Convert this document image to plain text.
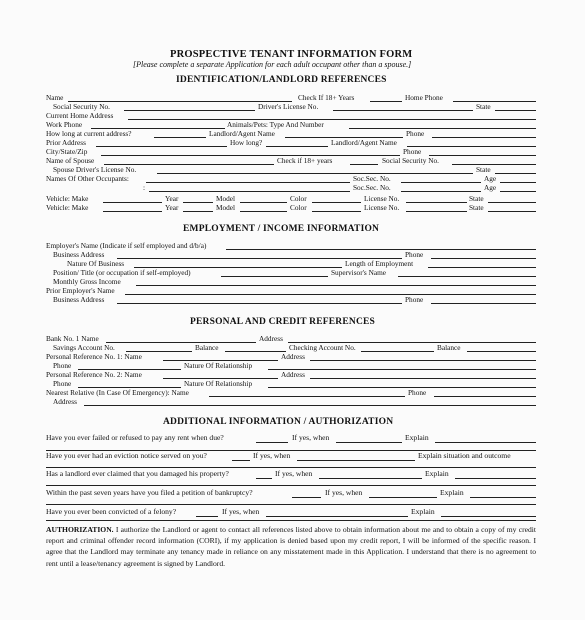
PROSPECTIVE TENANT INFORMATION FORM
[Please complete a separate Application for each adult occupant other than a spouse.]
IDENTIFICATION/LANDLORD REFERENCES
Name	Check If 18+ Years	Home Phone
Social Security No.	Driver's License No.	State
Current Home Address
Work Phone	Animals/Pets: Type And Number
How long at current address?	Landlord/Agent Name	Phone
Prior Address	How long?	Landlord/Agent Name
City/State/Zip	Phone
Name of Spouse	Check if 18+ years	Social Security No.
Spouse Driver's License No.	State
Names Of Other Occupants:	Soc.Sec. No.	Age
:	Soc.Sec. No.	Age
Vehicle: Make	Year	Model	Color	License No.	State
Vehicle: Make	Year	Model	Color	License No.	State
EMPLOYMENT / INCOME INFORMATION
Employer's Name (Indicate if self employed and d/b/a)
Business Address	Phone
Nature Of Business	Length of Employment
Position/ Title (or occupation if self-employed)	Supervisor's Name
Monthly Gross Income
Prior Employer's Name
Business Address	Phone
PERSONAL AND CREDIT REFERENCES
Bank No. 1 Name	Address
Savings Account No.	Balance	Checking Account No.	Balance
Personal Reference No. 1: Name	Address
Phone	Nature Of Relationship
Personal Reference No. 2: Name	Address
Phone	Nature Of Relationship
Nearest Relative (In Case Of Emergency): Name	Phone
Address
ADDITIONAL INFORMATION / AUTHORIZATION
Have you ever failed or refused to pay any rent when due?	If yes, when	Explain
Have you ever had an eviction notice served on you?	If yes, when	Explain situation and outcome
Has a landlord ever claimed that you damaged his property?	If yes, when	Explain
Within the past seven years have you filed a petition of bankruptcy?	If yes, when	Explain
Have you ever been convicted of a felony?	If yes, when	Explain
AUTHORIZATION. I authorize the Landlord or agent to contact all references listed above to obtain information about me and to obtain a copy of my credit report and criminal offender record information (CORI), if my application is denied based upon my credit report, I will be informed of the specific reason. I agree that the Landlord may terminate any tenancy made in reliance on any misstatement made in this Application. I understand that there is no agreement to rent until a lease/tenancy agreement is signed by Landlord.
